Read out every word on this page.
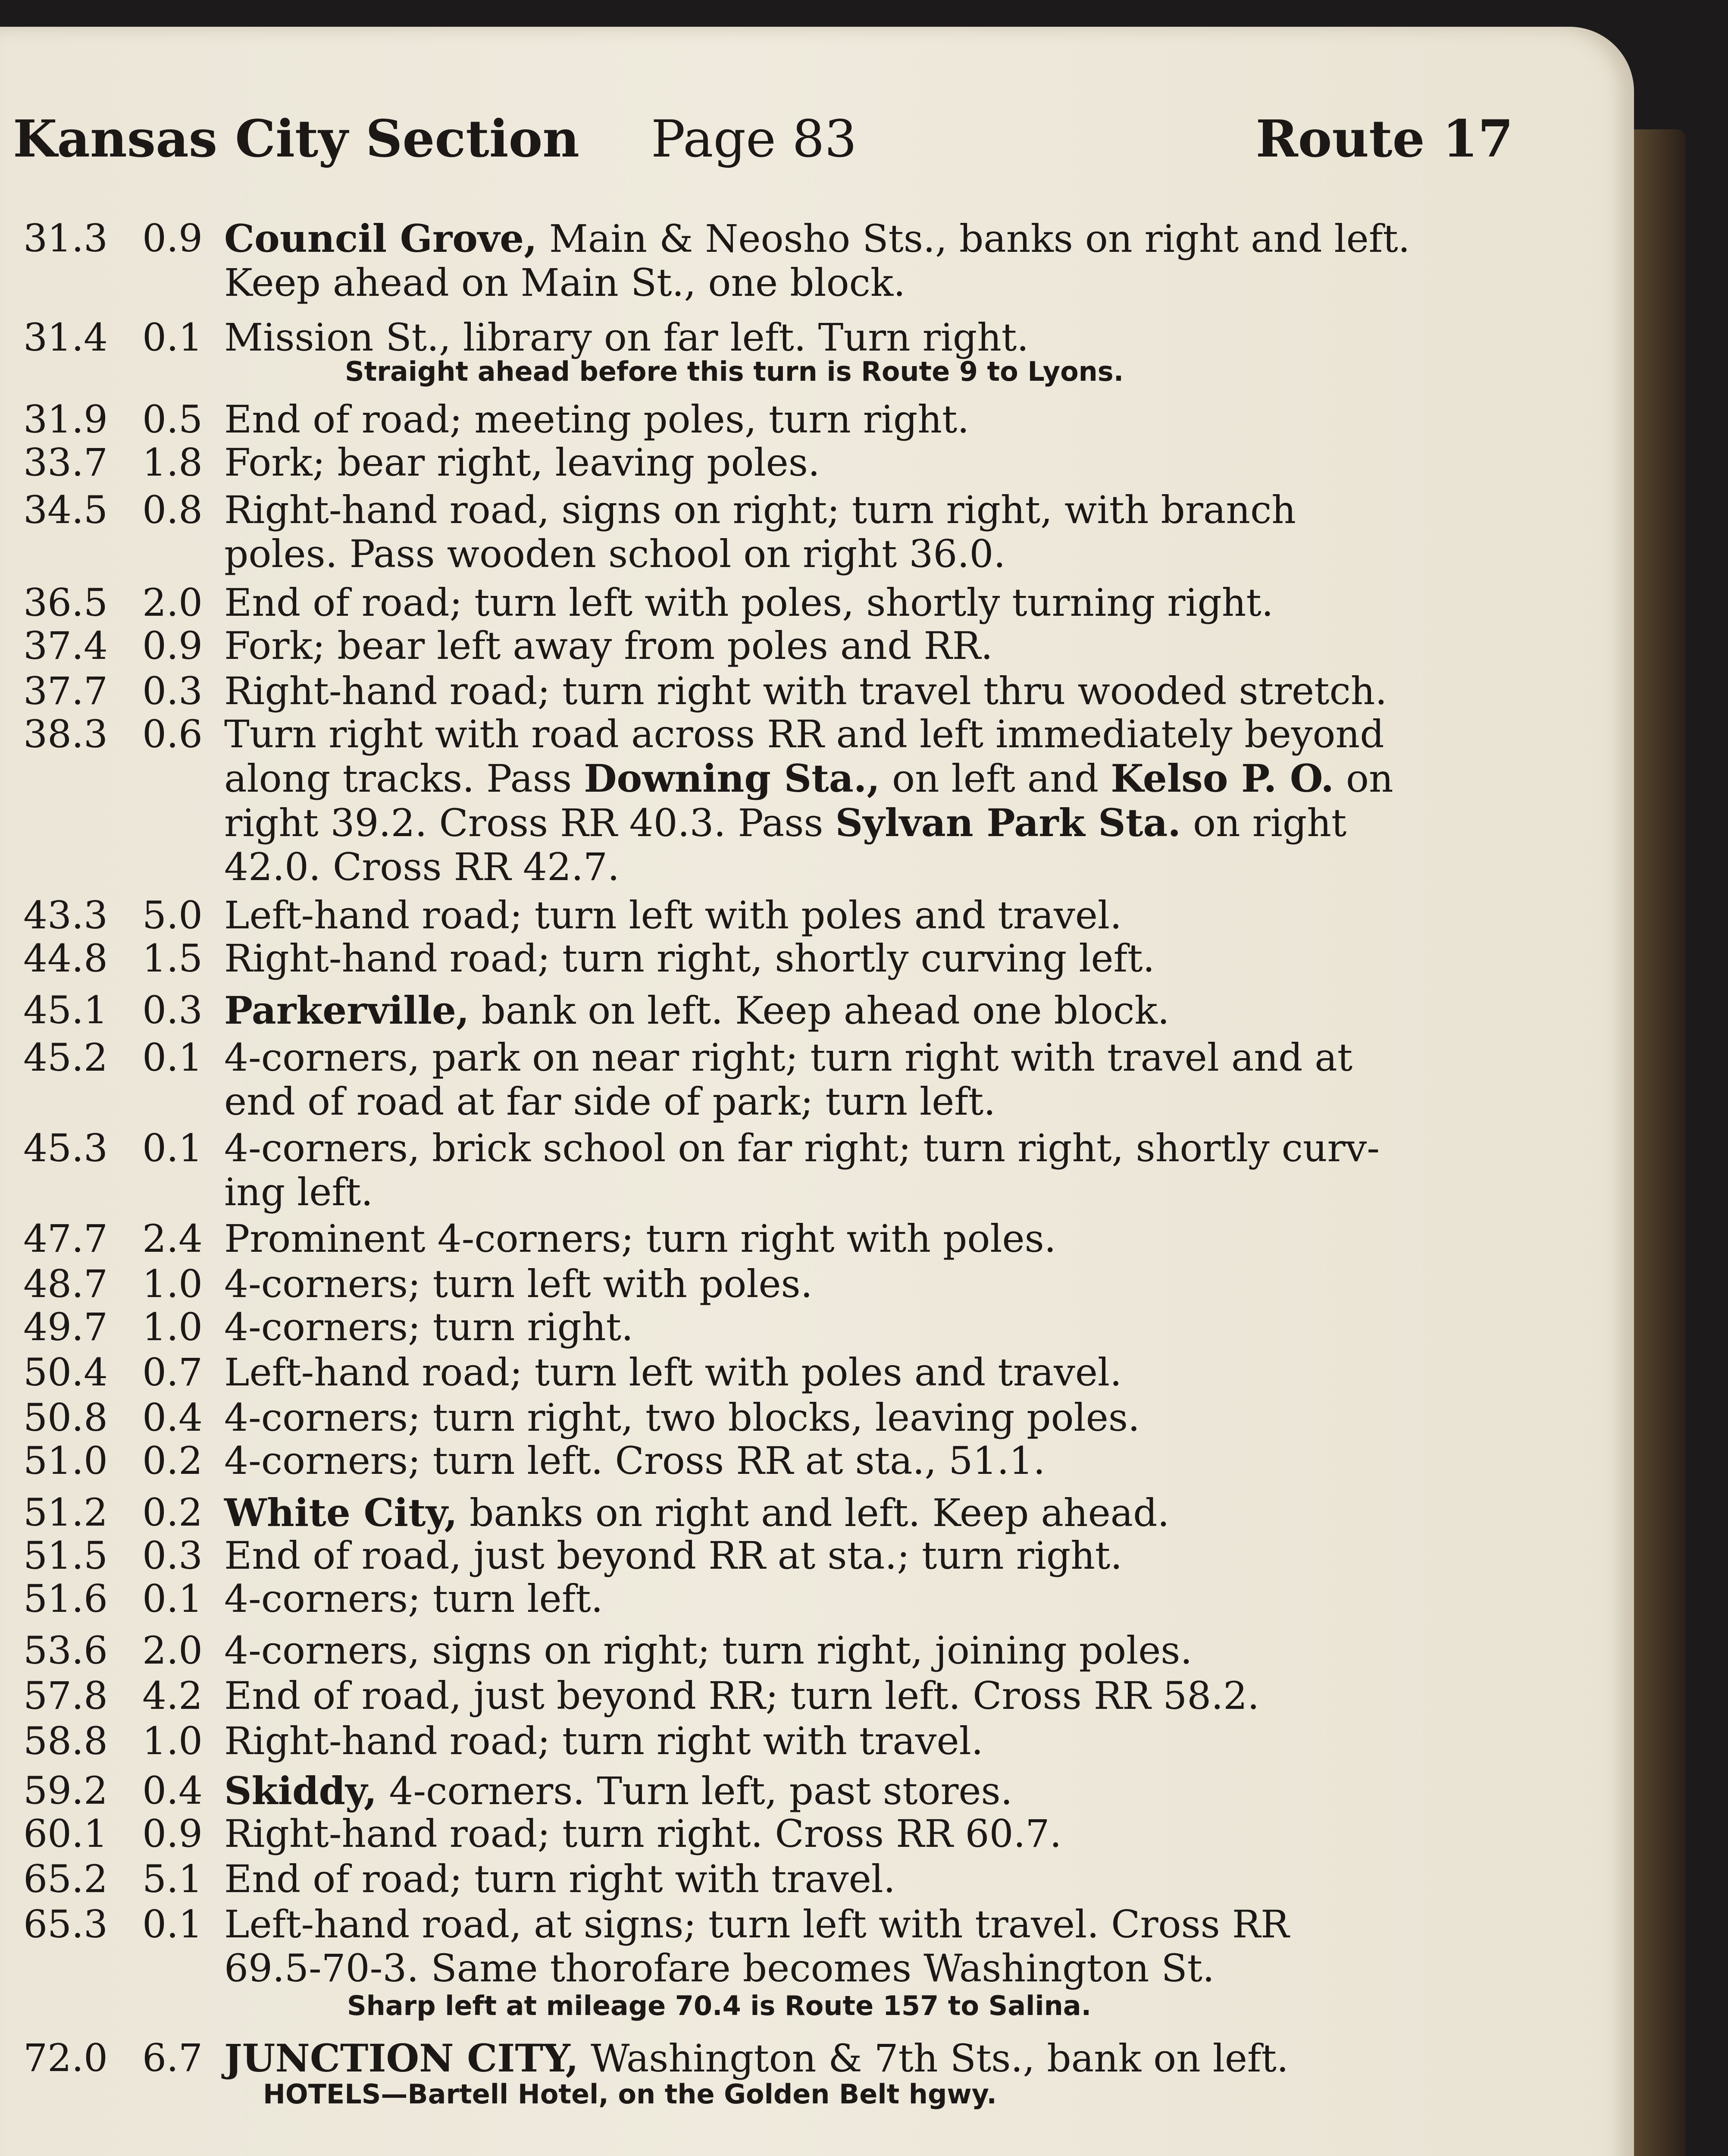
Kansas City Section Page 83	Route 17
31.3 0.9 Council Grove, Main & Neosho Sts., banks on right and left.
Keep ahead on Main St., one block.
31.4 0.1 Mission St., library on far left. Turn right.
31.9 0.5 End of road; meeting poles, turn right.
33.7 1.8 Fork; bear right, leaving poles.
34.5 0.8 Right-hand road, signs on right; turn right, with branch
poles. Pass wooden school on right 36.0.
36.5 2.0 End of road; turn left with poles, shortly turning right.
37.4 0.9 Fork; bear left away from poles and RR.
37.7 0.3 Right-hand road; turn right with travel thru wooded stretch.
38.3 0.6 Turn right with road across RR and left immediately beyond
along tracks. Pass Downing Sta., on left and Kelso P. O. on
right 39.2. Cross RR 40.3. Pass Sylvan Park Sta. on right
42.0. Cross RR 42.7.
43.3 5.0 Left-hand road; turn left with poles and travel.
44.8 1.5 Right-hand road; turn right, shortly curving left.
45.1 0.3 Parkerville, bank on left. Keep ahead one block.
45.2 0.1 4-corners, park on near right; turn right with travel and at
end of road at far side of park; turn left.
45.3 0.1 4-corners, brick school on far right; turn right, shortly curv-
ing left.
47.7 2.4 Prominent 4-corners; turn right with poles.
48.7 1.0 4-corners; turn left with poles.
49.7 1.0 4-corners; turn right.
50.4 0.7 Left-hand road; turn left with poles and travel.
50.8 0.4 4-corners; turn right, two blocks, leaving poles.
51.0 0.2 4-corners; turn left. Cross RR at sta., 51.1.
51.2 0.2 White City, banks on right and left. Keep ahead.
51.5 0.3 End of road, just beyond RR at sta.; turn right.
51.6 0.1 4-corners; turn left.
53.6 2.0 4-corners, signs on right; turn right, joining poles.
57.8 4.2 End of road, just beyond RR; turn left. Cross RR 58.2.
58.8 1.0 Right-hand road; turn right with travel.
59.2 0.4 Skiddy, 4-corners. Turn left, past stores.
60.1 0.9 Right-hand road; turn right. Cross RR 60.7.
65.2 5.1 End of road; turn right with travel.
65.3 0.1 Left-hand road, at signs; turn left with travel. Cross RR
69.5-70-3. Same thorofare becomes Washington St.
72.0 6.7 JUNCTION CITY, Washington & 7th Sts., bank on left.
Straight ahead before this turn is Route 9 to Lyons.
Sharp left at mileage 70.4 is Route 157 to Salina.
HOTELS—Bartell Hotel, on the Golden Belt hgwy.
